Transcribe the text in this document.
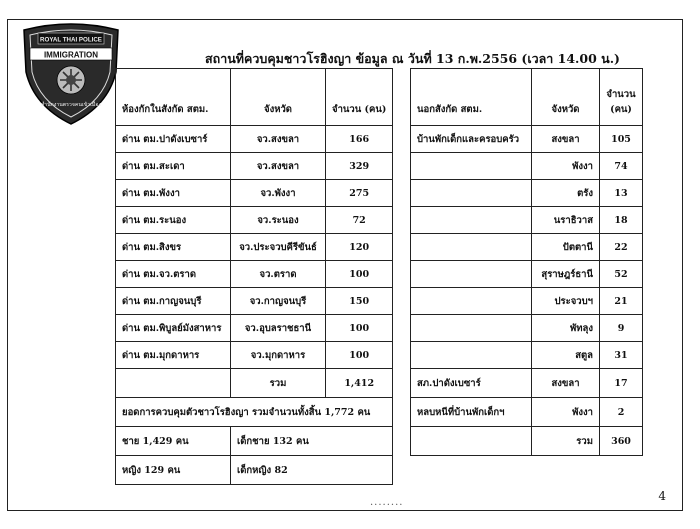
ROYAL THAI POLICE
IMMIGRATION
สำนักงานตรวจคนเข้าเมือง
สถานที่ควบคุมชาวโรฮิงญา ข้อมูล ณ วันที่ 13 ก.พ.2556 (เวลา 14.00 น.)
ห้องกักในสังกัด สตม.	จังหวัด	จำนวน (คน)
ด่าน ตม.ปาดังเบซาร์	จว.สงขลา	166
ด่าน ตม.สะเดา	จว.สงขลา	329
ด่าน ตม.พังงา	จว.พังงา	275
ด่าน ตม.ระนอง	จว.ระนอง	72
ด่าน ตม.สิงขร	จว.ประจวบคีรีขันธ์	120
ด่าน ตม.จว.ตราด	จว.ตราด	100
ด่าน ตม.กาญจนบุรี	จว.กาญจนบุรี	150
ด่าน ตม.พิบูลย์มังสาหาร	จว.อุบลราชธานี	100
ด่าน ตม.มุกดาหาร	จว.มุกดาหาร	100
	รวม	1,412
ยอดการควบคุมตัวชาวโรฮิงญา รวมจำนวนทั้งสิ้น 1,772 คน		
ชาย 1,429 คน	เด็กชาย 132 คน	
หญิง 129 คน	เด็กหญิง 82	
นอกสังกัด สตม.	จังหวัด	จำนวน
(คน)
บ้านพักเด็กและครอบครัว	สงขลา	105
	พังงา	74
	ตรัง	13
	นราธิวาส	18
	ปัตตานี	22
	สุราษฎร์ธานี	52
	ประจวบฯ	21
	พัทลุง	9
	สตูล	31
สภ.ปาดังเบซาร์	สงขลา	17
หลบหนีที่บ้านพักเด็กฯ	พังงา	2
	รวม	360
........	4
